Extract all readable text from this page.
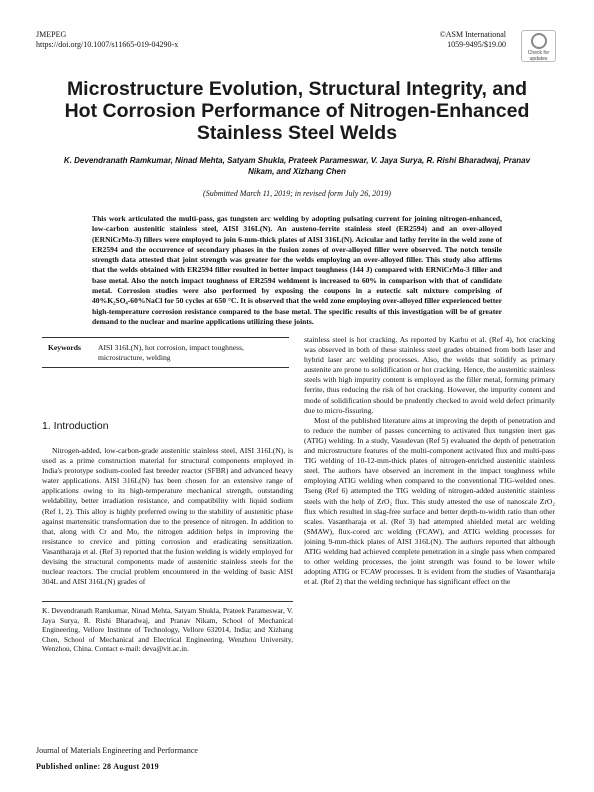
JMEPEG
https://doi.org/10.1007/s11665-019-04290-x
©ASM International
1059-9495/$19.00
Check for updates
Microstructure Evolution, Structural Integrity, and Hot Corrosion Performance of Nitrogen-Enhanced Stainless Steel Welds
K. Devendranath Ramkumar, Ninad Mehta, Satyam Shukla, Prateek Parameswar, V. Jaya Surya, R. Rishi Bharadwaj, Pranav Nikam, and Xizhang Chen
(Submitted March 11, 2019; in revised form July 26, 2019)
This work articulated the multi-pass, gas tungsten arc welding by adopting pulsating current for joining nitrogen-enhanced, low-carbon austenitic stainless steel, AISI 316L(N). An austeno-ferrite stainless steel (ER2594) and an over-alloyed (ERNiCrMo-3) fillers were employed to join 6-mm-thick plates of AISI 316L(N). Acicular and lathy ferrite in the weld zone of ER2594 and the occurrence of secondary phases in the fusion zones of over-alloyed filler were observed. The notch tensile strength data attested that joint strength was greater for the welds employing an over-alloyed filler. This study also affirms that the welds obtained with ER2594 filler resulted in better impact toughness (144 J) compared with ERNiCrMo-3 filler and base metal. Also the notch impact toughness of ER2594 weldment is increased to 60% in comparison with that of candidate metal. Corrosion studies were also performed by exposing the coupons in a eutectic salt mixture comprising of 40%K₂SO₄-60%NaCl for 50 cycles at 650 °C. It is observed that the weld zone employing over-alloyed filler experienced better high-temperature corrosion resistance compared to the base metal. The specific results of this investigation will be of greater demand to the nuclear and marine applications utilizing these joints.
Keywords	AISI 316L(N), hot corrosion, impact toughness, microstructure, welding
1. Introduction

Nitrogen-added, low-carbon-grade austenitic stainless steel, AISI 316L(N), is used as a prime construction material for structural components employed in India's prototype sodium-cooled fast breeder reactor (SFBR) and advanced heavy water applications. AISI 316L(N) has been chosen for an extensive range of applications owing to its high-temperature mechanical strength, outstanding weldability, better irradiation resistance, and compatibility with liquid sodium (Ref 1, 2). This alloy is highly preferred owing to the stability of austenitic phase against martensitic transformation due to the presence of nitrogen. In addition to that, along with Cr and Mo, the nitrogen addition helps in improving the resistance to crevice and pitting corrosion and eradicating sensitization. Vasantharaja et al. (Ref 3) reported that the fusion welding is widely employed for devising the structural components made of austenitic stainless steels for the nuclear reactors. The crucial problem encountered in the welding of basic AISI 304L and AISI 316L(N) grades of

stainless steel is hot cracking. As reported by Karhu et al. (Ref 4), hot cracking was observed in both of these stainless steel grades obtained from both laser and hybrid laser arc welding processes. Also, the welds that solidify as primary austenite are prone to solidification or hot cracking. Hence, the austenitic stainless steels with high impurity content is employed as the filler metal, forming primary ferrite, thus reducing the risk of hot cracking. However, the impurity content and mode of solidification should be prudently checked to avoid weld defect primarily due to micro-fissuring.

Most of the published literature aims at improving the depth of penetration and to reduce the number of passes concerning to activated flux tungsten inert gas (ATIG) welding. In a study, Vasudevan (Ref 5) evaluated the depth of penetration and microstructure features of the multi-component activated flux and multi-pass TIG welding of 10-12-mm-thick plates of nitrogen-enriched austenitic stainless steel. The authors have observed an increment in the impact toughness while employing ATIG welding when compared to the conventional TIG-welded ones. Tseng (Ref 6) attempted the TIG welding of nitrogen-added austenitic stainless steels with the help of ZrO₂ flux. This study attested the use of nanoscale ZrO₂ flux which resulted in slag-free surface and better depth-to-width ratio than other scales. Vasantharaja et al. (Ref 3) had attempted shielded metal arc welding (SMAW), flux-cored arc welding (FCAW), and ATIG welding processes for joining 9-mm-thick plates of AISI 316L(N). The authors reported that although ATIG welding had achieved complete penetration in a single pass when compared to other welding processes, the joint strength was found to be lower while adopting ATIG or FCAW processes. It is evident from the studies of Vasantharaja et al. (Ref 2) that the welding technique has significant effect on the

K. Devendranath Ramkumar, Ninad Mehta, Satyam Shukla, Prateek Parameswar, V. Jaya Surya, R. Rishi Bharadwaj, and Pranav Nikam, School of Mechanical Engineering, Vellore Institute of Technology, Vellore 632014, India; and Xizhang Chen, School of Mechanical and Electrical Engineering, Wenzhou University, Wenzhou, China. Contact e-mail: deva@vit.ac.in.
Journal of Materials Engineering and Performance
Published online: 28 August 2019
